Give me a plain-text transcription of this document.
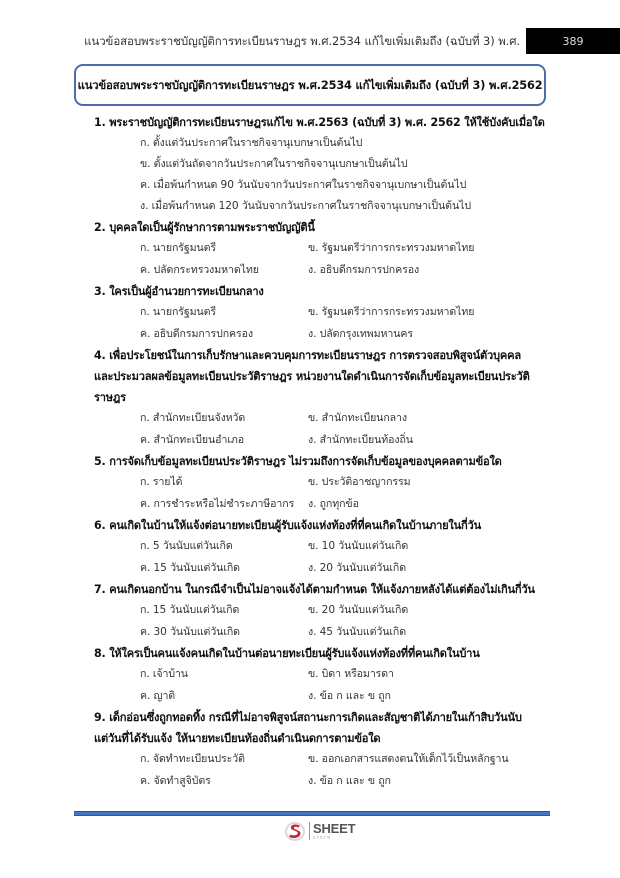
แนวข้อสอบพระราชบัญญัติการทะเบียนราษฎร พ.ศ.2534 แก้ไขเพิ่มเติมถึง (ฉบับที่ 3) พ.ศ.	389
แนวข้อสอบพระราชบัญญัติการทะเบียนราษฎร พ.ศ.2534 แก้ไขเพิ่มเติมถึง (ฉบับที่ 3) พ.ศ.2562
1. พระราชบัญญัติการทะเบียนราษฎรแก้ไข พ.ศ.2563 (ฉบับที่ 3) พ.ศ. 2562 ให้ใช้บังคับเมื่อใด
ก. ตั้งแต่วันประกาศในราชกิจจานุเบกษาเป็นต้นไป
ข. ตั้งแต่วันถัดจากวันประกาศในราชกิจจานุเบกษาเป็นต้นไป
ค. เมื่อพ้นกำหนด 90 วันนับจากวันประกาศในราชกิจจานุเบกษาเป็นต้นไป
ง. เมื่อพ้นกำหนด 120 วันนับจากวันประกาศในราชกิจจานุเบกษาเป็นต้นไป
2. บุคคลใดเป็นผู้รักษาการตามพระราชบัญญัตินี้
ก. นายกรัฐมนตรี	ข. รัฐมนตรีว่าการกระทรวงมหาดไทย
ค. ปลัดกระทรวงมหาดไทย	ง. อธิบดีกรมการปกครอง
3. ใครเป็นผู้อำนวยการทะเบียนกลาง
ก. นายกรัฐมนตรี	ข. รัฐมนตรีว่าการกระทรวงมหาดไทย
ค. อธิบดีกรมการปกครอง	ง. ปลัดกรุงเทพมหานคร
4. เพื่อประโยชน์ในการเก็บรักษาและควบคุมการทะเบียนราษฎร การตรวจสอบพิสูจน์ตัวบุคคลและประมวลผลข้อมูลทะเบียนประวัติราษฎร หน่วยงานใดดำเนินการจัดเก็บข้อมูลทะเบียนประวัติราษฎร
ก. สำนักทะเบียนจังหวัด	ข. สำนักทะเบียนกลาง
ค. สำนักทะเบียนอำเภอ	ง. สำนักทะเบียนท้องถิ่น
5. การจัดเก็บข้อมูลทะเบียนประวัติราษฎร ไม่รวมถึงการจัดเก็บข้อมูลของบุคคลตามข้อใด
ก. รายได้	ข. ประวัติอาชญากรรม
ค. การชำระหรือไม่ชำระภาษีอากร	ง. ถูกทุกข้อ
6. คนเกิดในบ้านให้แจ้งต่อนายทะเบียนผู้รับแจ้งแห่งท้องที่ที่คนเกิดในบ้านภายในกี่วัน
ก. 5 วันนับแต่วันเกิด	ข. 10 วันนับแต่วันเกิด
ค. 15 วันนับแต่วันเกิด	ง. 20 วันนับแต่วันเกิด
7. คนเกิดนอกบ้าน ในกรณีจำเป็นไม่อาจแจ้งได้ตามกำหนด ให้แจ้งภายหลังได้แต่ต้องไม่เกินกี่วัน
ก. 15 วันนับแต่วันเกิด	ข. 20 วันนับแต่วันเกิด
ค. 30 วันนับแต่วันเกิด	ง. 45 วันนับแต่วันเกิด
8. ให้ใครเป็นคนแจ้งคนเกิดในบ้านต่อนายทะเบียนผู้รับแจ้งแห่งท้องที่ที่คนเกิดในบ้าน
ก. เจ้าบ้าน	ข. บิดา หรือมารดา
ค. ญาติ	ง. ข้อ ก และ ข ถูก
9. เด็กอ่อนซึ่งถูกทอดทิ้ง กรณีที่ไม่อาจพิสูจน์สถานะการเกิดและสัญชาติได้ภายในเก้าสิบวันนับแต่วันที่ได้รับแจ้ง ให้นายทะเบียนท้องถิ่นดำเนินดการตามข้อใด
ก. จัดทำทะเบียนประวัติ	ข. ออกเอกสารแสดงตนให้เด็กไว้เป็นหลักฐาน
ค. จัดทำสูจิบัตร	ง. ข้อ ก และ ข ถูก
SHEET
store
